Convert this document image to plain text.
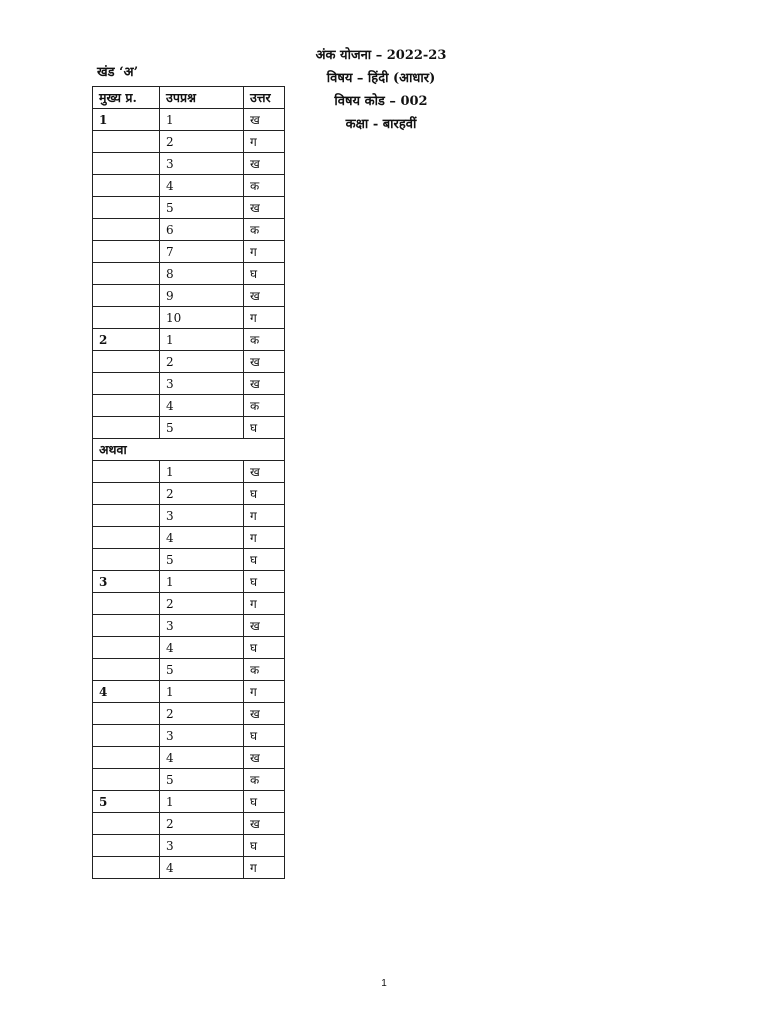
अंक योजना – 2022-23
विषय – हिंदी (आधार)
विषय कोड – 002
कक्षा - बारहवीं
खंड ‘अ’
मुख्य प्र.	उपप्रश्न	उत्तर
1	1	ख
	2	ग
	3	ख
	4	क
	5	ख
	6	क
	7	ग
	8	घ
	9	ख
	10	ग
2	1	क
	2	ख
	3	ख
	4	क
	5	घ
अथवा		
	1	ख
	2	घ
	3	ग
	4	ग
	5	घ
3	1	घ
	2	ग
	3	ख
	4	घ
	5	क
4	1	ग
	2	ख
	3	घ
	4	ख
	5	क
5	1	घ
	2	ख
	3	घ
	4	ग
1
